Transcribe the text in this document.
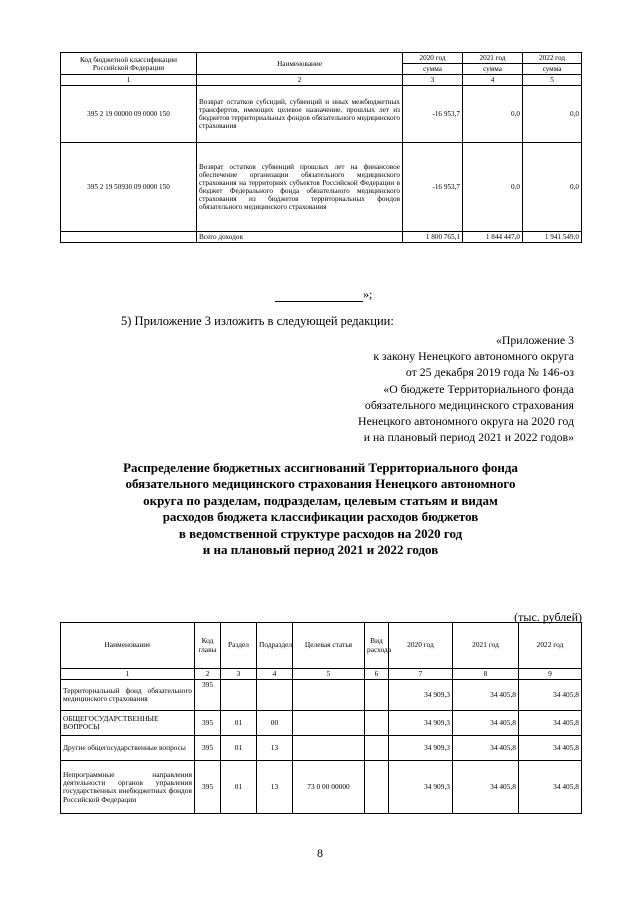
Код бюджетной классификации Российской Федерации	Наименование	2020 год	2021 год	2022 год
		сумма	сумма	сумма
1	2	3	4	5
395 2 19 00000 09 0000 150	Возврат остатков субсидий, субвенций и иных межбюджетных трансфертов, имеющих целевое назначение, прошлых лет из бюджетов территориальных фондов обязательного медицинского страхования	-16 953,7	0,0	0,0
395 2 19 50930 09 0000 150	Возврат остатков субвенций прошлых лет на финансовое обеспечение организации обязательного медицинского страхования на территориях субъектов Российской Федерации в бюджет Федерального фонда обязательного медицинского страхования из бюджетов территориальных фондов обязательного медицинского страхования	-16 953,7	0,0	0,0
	Всего доходов	1 800 765,1	1 844 447,0	1 941 549,0
»;
5) Приложение 3 изложить в следующей редакции:
«Приложение 3
к закону Ненецкого автономного округа
от 25 декабря 2019 года № 146-оз
«О бюджете Территориального фонда
обязательного медицинского страхования
Ненецкого автономного округа на 2020 год
и на плановый период 2021 и 2022 годов»
Распределение бюджетных ассигнований Территориального фонда
обязательного медицинского страхования Ненецкого автономного
округа по разделам, подразделам, целевым статьям и видам
расходов бюджета классификации расходов бюджетов
в ведомственной структуре расходов на 2020 год
и на плановый период 2021 и 2022 годов
(тыс. рублей)
Наименование	Код главы	Раздел	Подраздел	Целевая статья	Вид расхода	2020 год	2021 год	2022 год
1	2	3	4	5	6	7	8	9
Территориальный фонд обязательного медицинского страхования	395					34 909,3	34 405,8	34 405,8
ОБЩЕГОСУДАРСТВЕННЫЕ ВОПРОСЫ	395	01	00			34 909,3	34 405,8	34 405,8
Другие общегосударственные вопросы	395	01	13			34 909,3	34 405,8	34 405,8
Непрограммные направления деятельности органов управления государственных внебюджетных фондов Российской Федерации	395	01	13	73 0 00 00000		34 909,3	34 405,8	34 405,8
8
